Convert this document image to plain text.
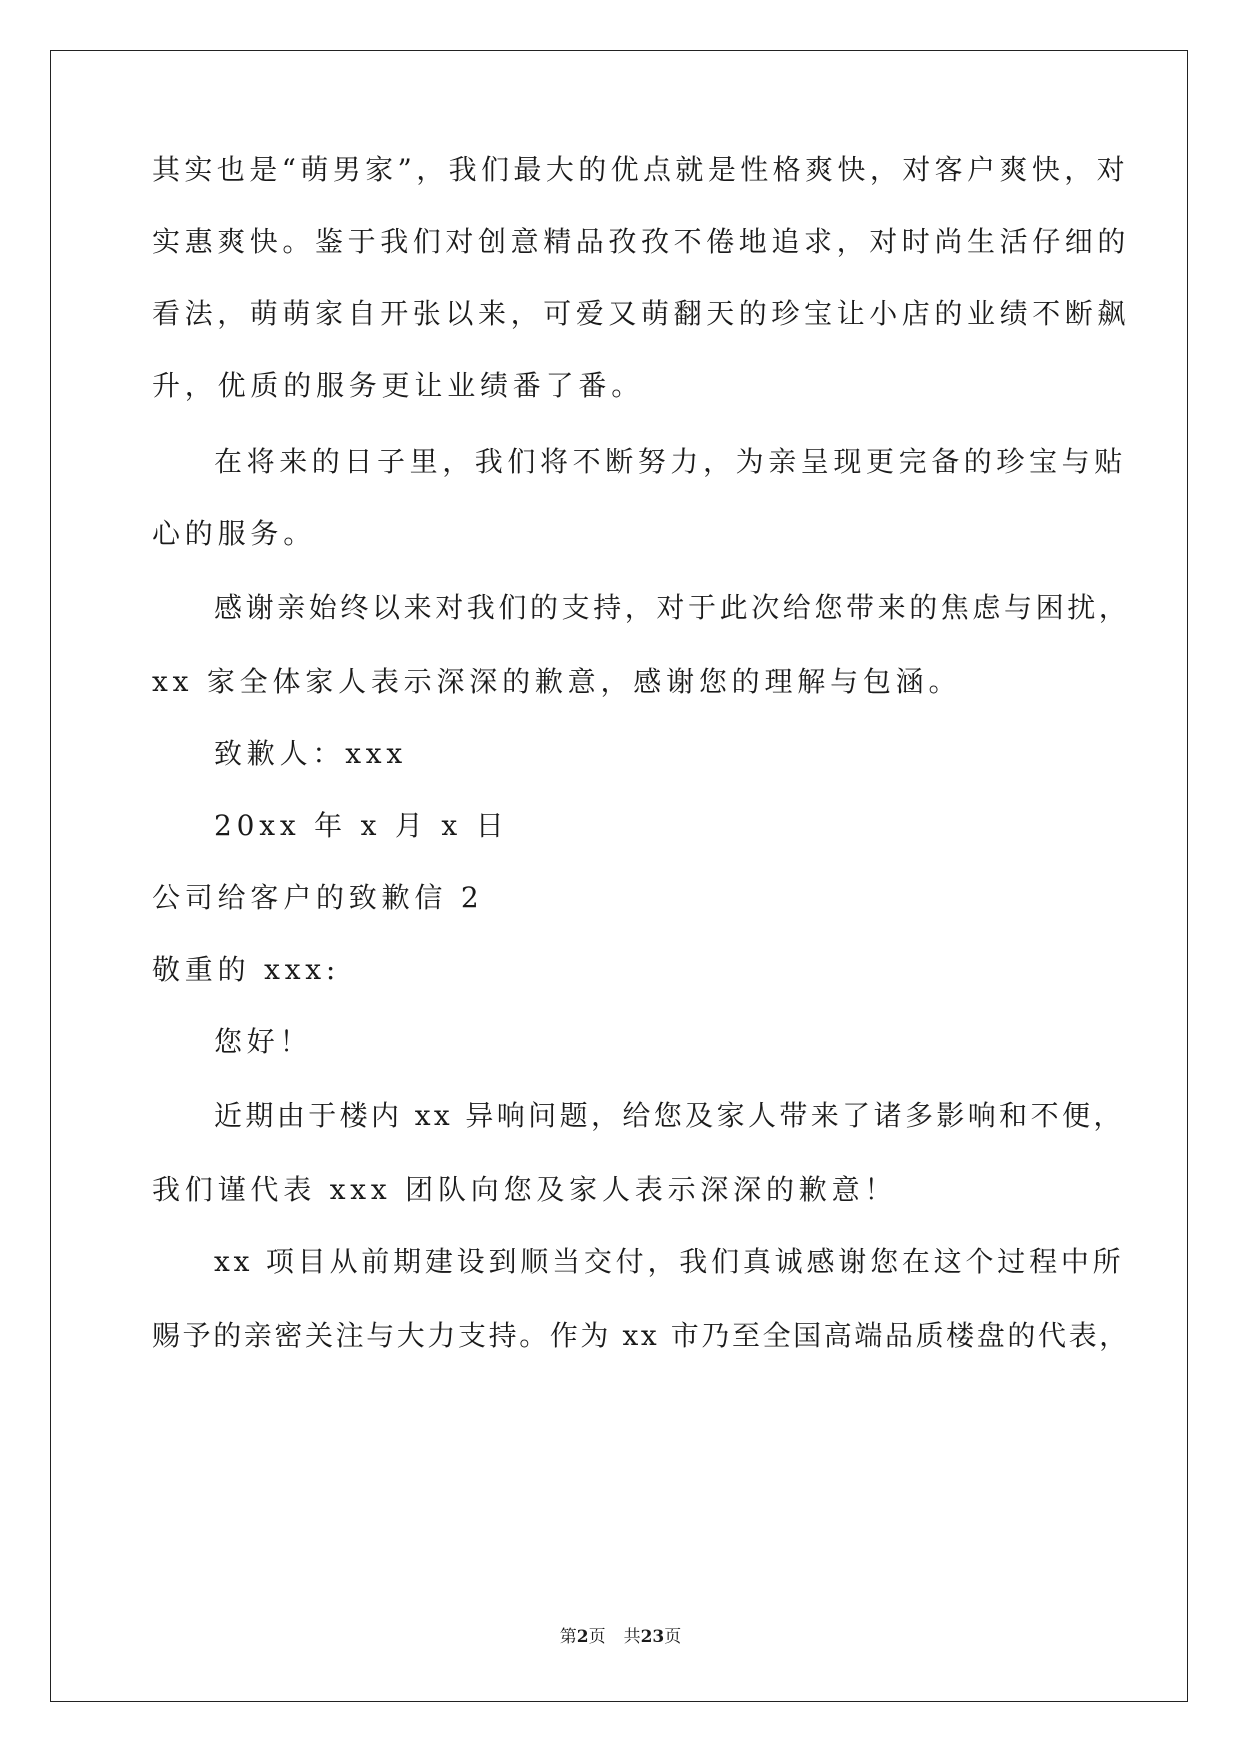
其实也是“萌男家”，我们最大的优点就是性格爽快，对客户爽快，对
实惠爽快。鉴于我们对创意精品孜孜不倦地追求，对时尚生活仔细的
看法，萌萌家自开张以来，可爱又萌翻天的珍宝让小店的业绩不断飙
升，优质的服务更让业绩番了番。
在将来的日子里，我们将不断努力，为亲呈现更完备的珍宝与贴
心的服务。
感谢亲始终以来对我们的支持，对于此次给您带来的焦虑与困扰，
xx 家全体家人表示深深的歉意，感谢您的理解与包涵。
致歉人：xxx
20xx 年 x 月 x 日
公司给客户的致歉信 2
敬重的 xxx:
您好！
近期由于楼内 xx 异响问题，给您及家人带来了诸多影响和不便，
我们谨代表 xxx 团队向您及家人表示深深的歉意！
xx 项目从前期建设到顺当交付，我们真诚感谢您在这个过程中所
赐予的亲密关注与大力支持。作为 xx 市乃至全国高端品质楼盘的代表，
第2页 共23页
